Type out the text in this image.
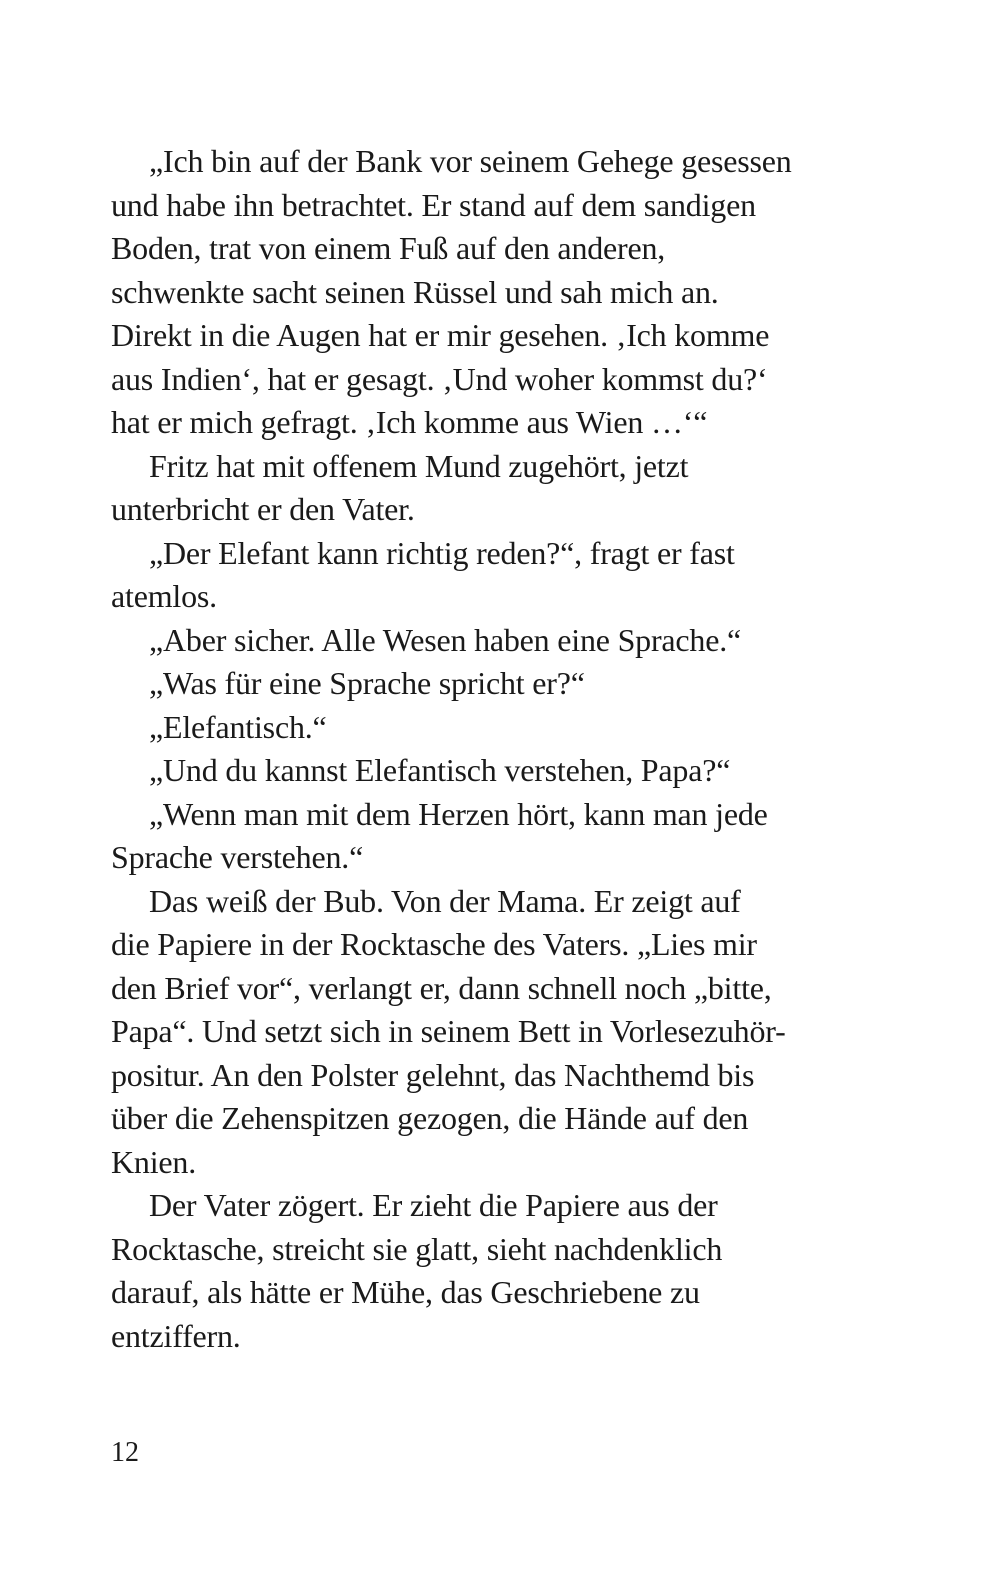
„Ich bin auf der Bank vor seinem Gehege gesessen
und habe ihn betrachtet. Er stand auf dem sandigen
Boden, trat von einem Fuß auf den anderen,
schwenkte sacht seinen Rüssel und sah mich an.
Direkt in die Augen hat er mir gesehen. ‚Ich komme
aus Indien‘, hat er gesagt. ‚Und woher kommst du?‘
hat er mich gefragt. ‚Ich komme aus Wien …‘“

Fritz hat mit offenem Mund zugehört, jetzt
unterbricht er den Vater.

„Der Elefant kann richtig reden?“, fragt er fast
atemlos.

„Aber sicher. Alle Wesen haben eine Sprache.“

„Was für eine Sprache spricht er?“

„Elefantisch.“

„Und du kannst Elefantisch verstehen, Papa?“

„Wenn man mit dem Herzen hört, kann man jede
Sprache verstehen.“

Das weiß der Bub. Von der Mama. Er zeigt auf
die Papiere in der Rocktasche des Vaters. „Lies mir
den Brief vor“, verlangt er, dann schnell noch „bitte,
Papa“. Und setzt sich in seinem Bett in Vorlesezuhör-
positur. An den Polster gelehnt, das Nachthemd bis
über die Zehenspitzen gezogen, die Hände auf den
Knien.

Der Vater zögert. Er zieht die Papiere aus der
Rocktasche, streicht sie glatt, sieht nachdenklich
darauf, als hätte er Mühe, das Geschriebene zu
entziffern.

12
